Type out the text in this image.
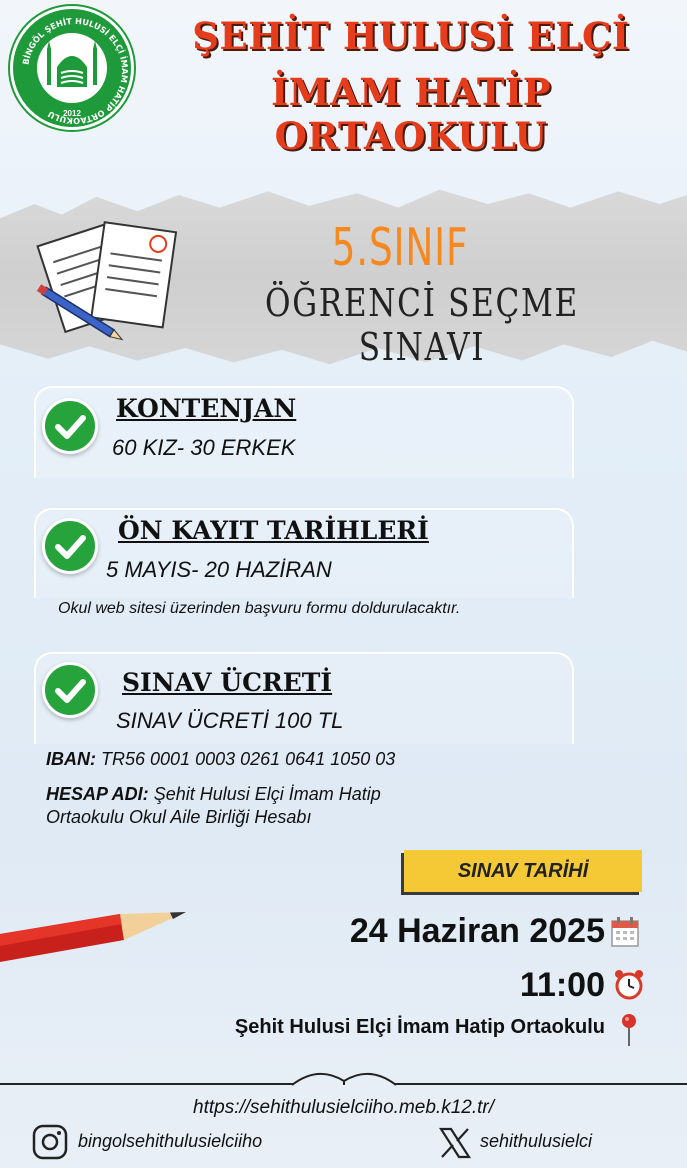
BİNGÖL ŞEHİT HULUSİ ELÇİ İMAM HATİP ORTAOKULU 2012
ŞEHİT HULUSİ ELÇİ
İMAM HATİP ORTAOKULU
5.SINIF
ÖĞRENCİ SEÇME SINAVI
KONTENJAN
60 KIZ- 30 ERKEK
ÖN KAYIT TARİHLERİ
5 MAYIS- 20 HAZİRAN
Okul web sitesi üzerinden başvuru formu doldurulacaktır.
SINAV ÜCRETİ
SINAV ÜCRETİ 100 TL
IBAN: TR56 0001 0003 0261 0641 1050 03
HESAP ADI: Şehit Hulusi Elçi İmam Hatip
Ortaokulu Okul Aile Birliği Hesabı
SINAV TARİHİ
24 Haziran 2025
11:00
Şehit Hulusi Elçi İmam Hatip Ortaokulu
https://sehithulusielciiho.meb.k12.tr/
bingolsehithulusielciiho	sehithulusielci
